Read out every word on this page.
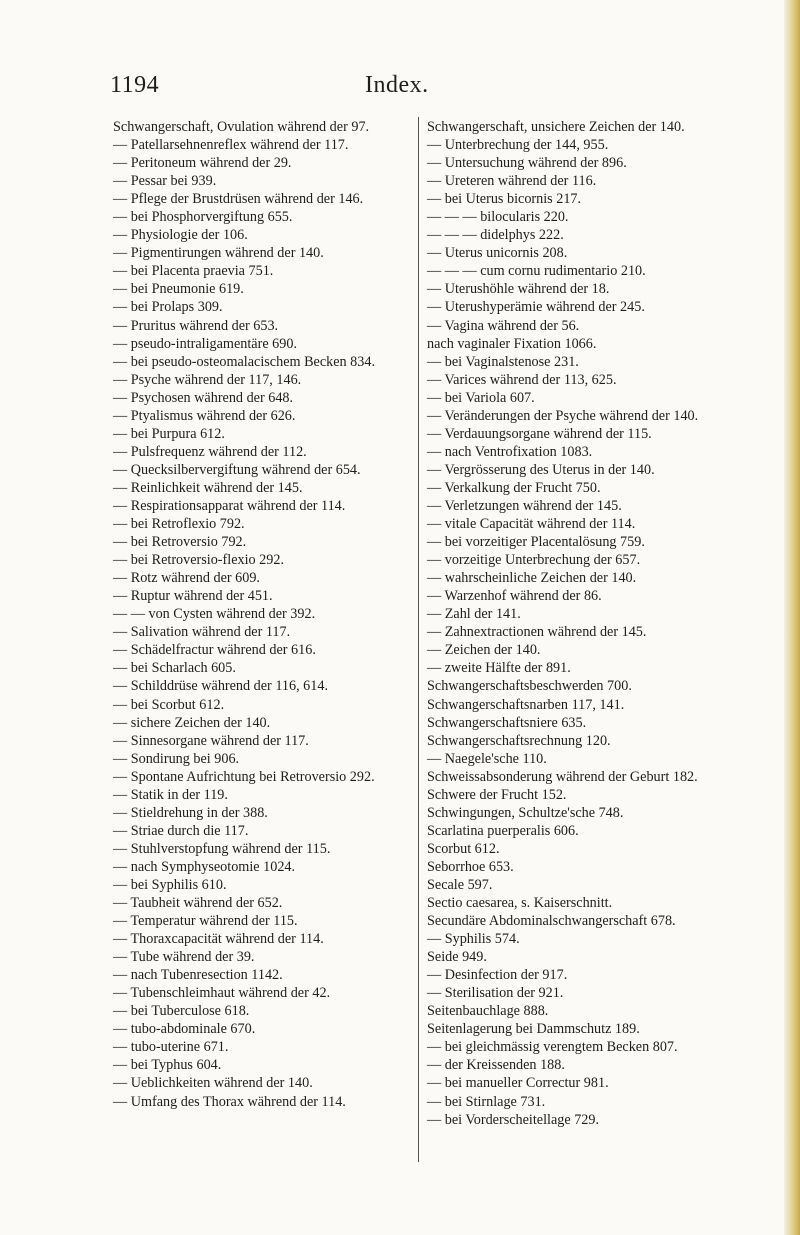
1194	Index.

Schwangerschaft, Ovulation während der 97.

— Patellarsehnenreflex während der 117.

— Peritoneum während der 29.

— Pessar bei 939.

— Pflege der Brustdrüsen während der 146.

— bei Phosphorvergiftung 655.

— Physiologie der 106.

— Pigmentirungen während der 140.

— bei Placenta praevia 751.

— bei Pneumonie 619.

— bei Prolaps 309.

— Pruritus während der 653.

— pseudo-intraligamentäre 690.

— bei pseudo-osteomalacischem Becken 834.

— Psyche während der 117, 146.

— Psychosen während der 648.

— Ptyalismus während der 626.

— bei Purpura 612.

— Pulsfrequenz während der 112.

— Quecksilbervergiftung während der 654.

— Reinlichkeit während der 145.

— Respirationsapparat während der 114.

— bei Retroflexio 792.

— bei Retroversio 792.

— bei Retroversio-flexio 292.

— Rotz während der 609.

— Ruptur während der 451.

— — von Cysten während der 392.

— Salivation während der 117.

— Schädelfractur während der 616.

— bei Scharlach 605.

— Schilddrüse während der 116, 614.

— bei Scorbut 612.

— sichere Zeichen der 140.

— Sinnesorgane während der 117.

— Sondirung bei 906.

— Spontane Aufrichtung bei Retroversio 292.

— Statik in der 119.

— Stieldrehung in der 388.

— Striae durch die 117.

— Stuhlverstopfung während der 115.

— nach Symphyseotomie 1024.

— bei Syphilis 610.

— Taubheit während der 652.

— Temperatur während der 115.

— Thoraxcapacität während der 114.

— Tube während der 39.

— nach Tubenresection 1142.

— Tubenschleimhaut während der 42.

— bei Tuberculose 618.

— tubo-abdominale 670.

— tubo-uterine 671.

— bei Typhus 604.

— Ueblichkeiten während der 140.

— Umfang des Thorax während der 114.

Schwangerschaft, unsichere Zeichen der 140.

— Unterbrechung der 144, 955.

— Untersuchung während der 896.

— Ureteren während der 116.

— bei Uterus bicornis 217.

— — — bilocularis 220.

— — — didelphys 222.

— Uterus unicornis 208.

— — — cum cornu rudimentario 210.

— Uterushöhle während der 18.

— Uterushyperämie während der 245.

— Vagina während der 56.

nach vaginaler Fixation 1066.

— bei Vaginalstenose 231.

— Varices während der 113, 625.

— bei Variola 607.

— Veränderungen der Psyche während der 140.

— Verdauungsorgane während der 115.

— nach Ventrofixation 1083.

— Vergrösserung des Uterus in der 140.

— Verkalkung der Frucht 750.

— Verletzungen während der 145.

— vitale Capacität während der 114.

— bei vorzeitiger Placentalösung 759.

— vorzeitige Unterbrechung der 657.

— wahrscheinliche Zeichen der 140.

— Warzenhof während der 86.

— Zahl der 141.

— Zahnextractionen während der 145.

— Zeichen der 140.

— zweite Hälfte der 891.

Schwangerschaftsbeschwerden 700.

Schwangerschaftsnarben 117, 141.

Schwangerschaftsniere 635.

Schwangerschaftsrechnung 120.

— Naegele'sche 110.

Schweissabsonderung während der Geburt 182.

Schwere der Frucht 152.

Schwingungen, Schultze'sche 748.

Scarlatina puerperalis 606.

Scorbut 612.

Seborrhoe 653.

Secale 597.

Sectio caesarea, s. Kaiserschnitt.

Secundäre Abdominalschwangerschaft 678.

— Syphilis 574.

Seide 949.

— Desinfection der 917.

— Sterilisation der 921.

Seitenbauchlage 888.

Seitenlagerung bei Dammschutz 189.

— bei gleichmässig verengtem Becken 807.

— der Kreissenden 188.

— bei manueller Correctur 981.

— bei Stirnlage 731.

— bei Vorderscheitellage 729.
